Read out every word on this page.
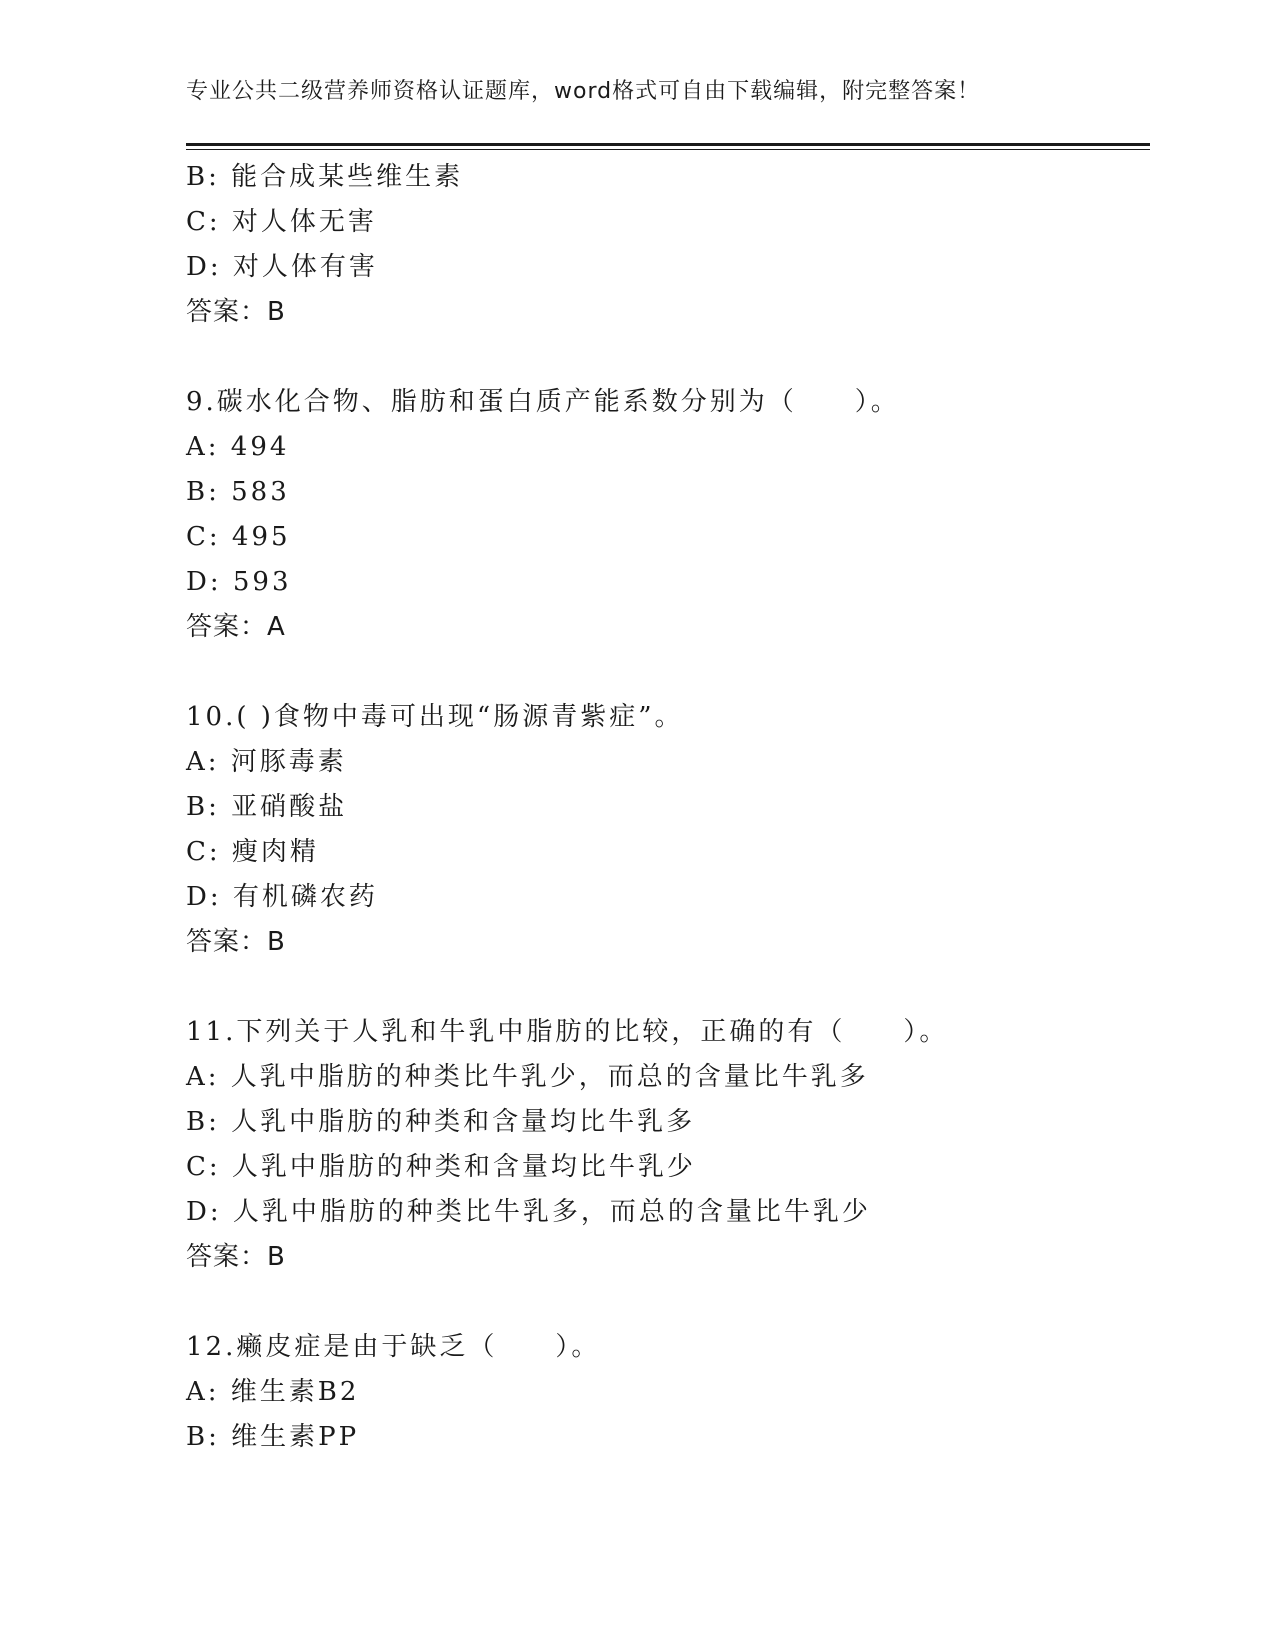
专业公共二级营养师资格认证题库，word格式可自由下载编辑，附完整答案！
B: 能合成某些维生素
C: 对人体无害
D: 对人体有害
答案：B
9.碳水化合物、脂肪和蛋白质产能系数分别为（　　）。
A: 494
B: 583
C: 495
D: 593
答案：A
10.( )食物中毒可出现“肠源青紫症”。
A: 河豚毒素
B: 亚硝酸盐
C: 瘦肉精
D: 有机磷农药
答案：B
11.下列关于人乳和牛乳中脂肪的比较，正确的有（　　）。
A: 人乳中脂肪的种类比牛乳少，而总的含量比牛乳多
B: 人乳中脂肪的种类和含量均比牛乳多
C: 人乳中脂肪的种类和含量均比牛乳少
D: 人乳中脂肪的种类比牛乳多，而总的含量比牛乳少
答案：B
12.癞皮症是由于缺乏（　　）。
A: 维生素B2
B: 维生素PP
